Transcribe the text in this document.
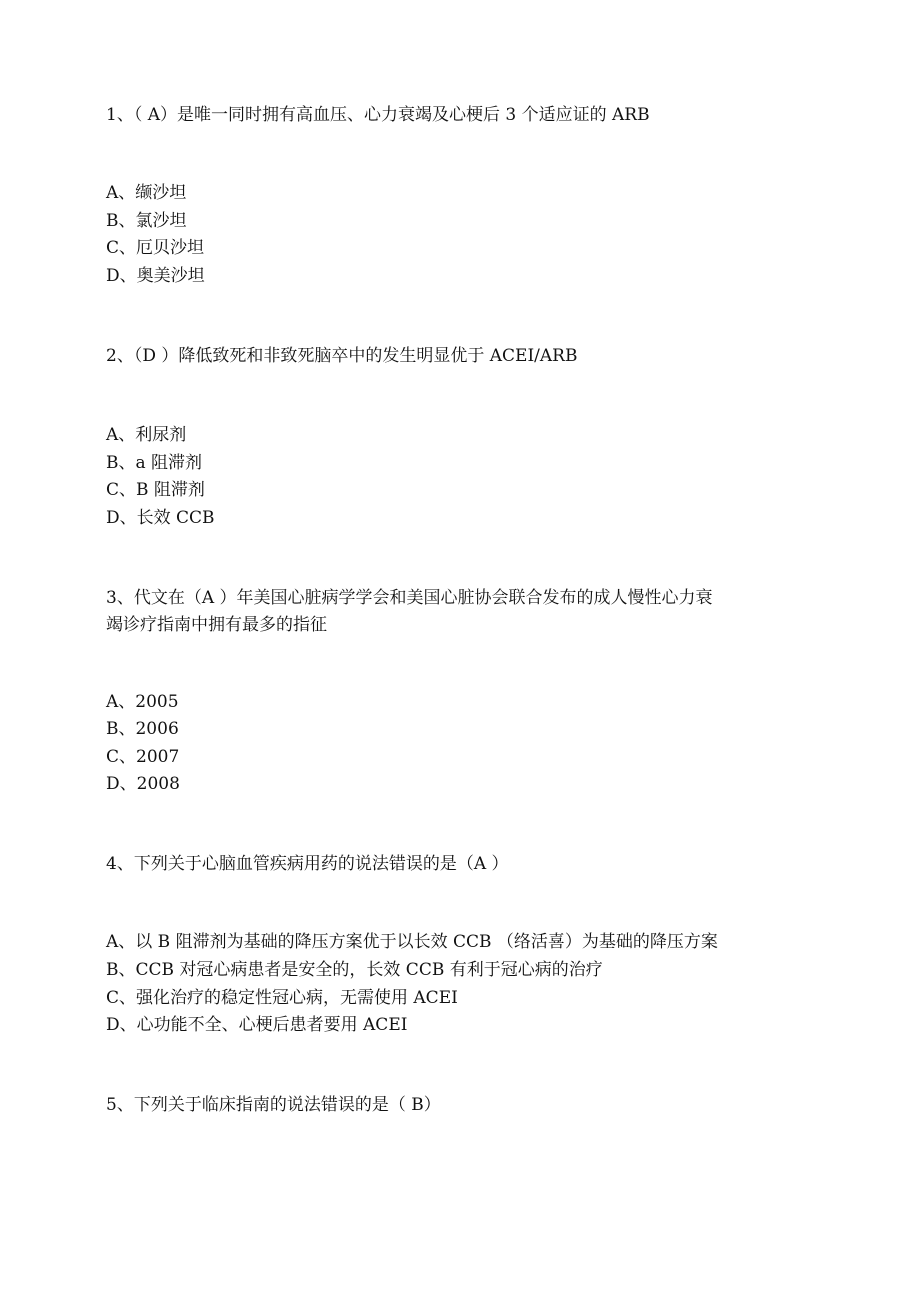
1、（ A）是唯一同时拥有高血压、心力衰竭及心梗后 3 个适应证的 ARB
A、缬沙坦
B、氯沙坦
C、厄贝沙坦
D、奥美沙坦
2、（D ）降低致死和非致死脑卒中的发生明显优于 ACEI/ARB
A、利尿剂
B、a 阻滞剂
C、B 阻滞剂
D、长效 CCB
3、代文在（A ）年美国心脏病学学会和美国心脏协会联合发布的成人慢性心力衰
竭诊疗指南中拥有最多的指征
A、2005
B、2006
C、2007
D、2008
4、下列关于心脑血管疾病用药的说法错误的是（A ）
A、以 B 阻滞剂为基础的降压方案优于以长效 CCB （络活喜）为基础的降压方案
B、CCB 对冠心病患者是安全的，长效 CCB 有利于冠心病的治疗
C、强化治疗的稳定性冠心病，无需使用 ACEI
D、心功能不全、心梗后患者要用 ACEI
5、下列关于临床指南的说法错误的是（ B）
